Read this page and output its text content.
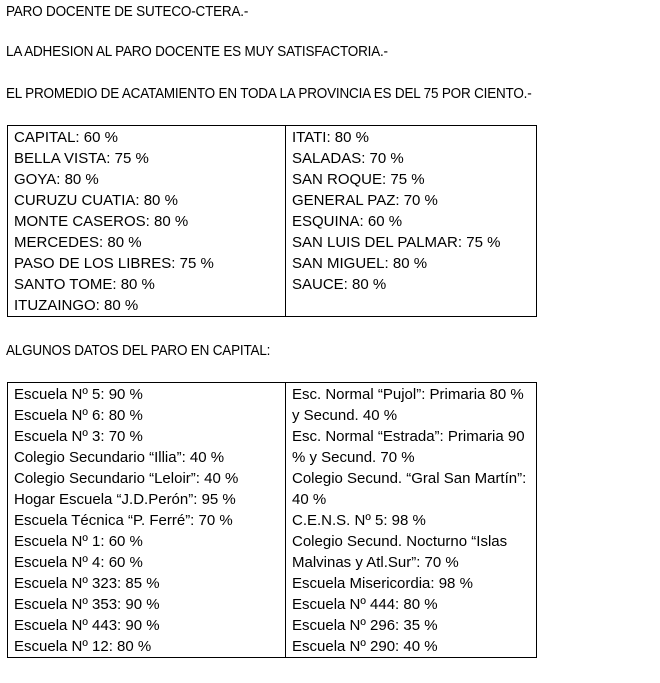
PARO DOCENTE DE SUTECO-CTERA.-
LA ADHESION AL PARO DOCENTE ES MUY SATISFACTORIA.-
EL PROMEDIO DE ACATAMIENTO EN TODA LA PROVINCIA ES DEL 75 POR CIENTO.-
CAPITAL: 60 %
BELLA VISTA: 75 %
GOYA: 80 %
CURUZU CUATIA: 80 %
MONTE CASEROS: 80 %
MERCEDES: 80 %
PASO DE LOS LIBRES: 75 %
SANTO TOME: 80 %
ITUZAINGO: 80 %

ITATI: 80 %
SALADAS: 70 %
SAN ROQUE: 75 %
GENERAL PAZ: 70 %
ESQUINA: 60 %
SAN LUIS DEL PALMAR: 75 %
SAN MIGUEL: 80 %
SAUCE: 80 %
ALGUNOS DATOS DEL PARO EN CAPITAL:
Escuela Nº 5: 90 %
Escuela Nº 6: 80 %
Escuela Nº 3: 70 %
Colegio Secundario “Illia”: 40 %
Colegio Secundario “Leloir”: 40 %
Hogar Escuela “J.D.Perón”: 95 %
Escuela Técnica “P. Ferré”: 70 %
Escuela Nº 1: 60 %
Escuela Nº 4: 60 %
Escuela Nº 323: 85 %
Escuela Nº 353: 90 %
Escuela Nº 443: 90 %
Escuela Nº 12: 80 %

Esc. Normal “Pujol”: Primaria 80 % y Secund. 40 %
Esc. Normal “Estrada”: Primaria 90 % y Secund. 70 %
Colegio Secund. “Gral San Martín”: 40 %
C.E.N.S. Nº 5: 98 %
Colegio Secund. Nocturno “Islas Malvinas y Atl.Sur”: 70 %
Escuela Misericordia: 98 %
Escuela Nº 444: 80 %
Escuela Nº 296: 35 %
Escuela Nº 290: 40 %
